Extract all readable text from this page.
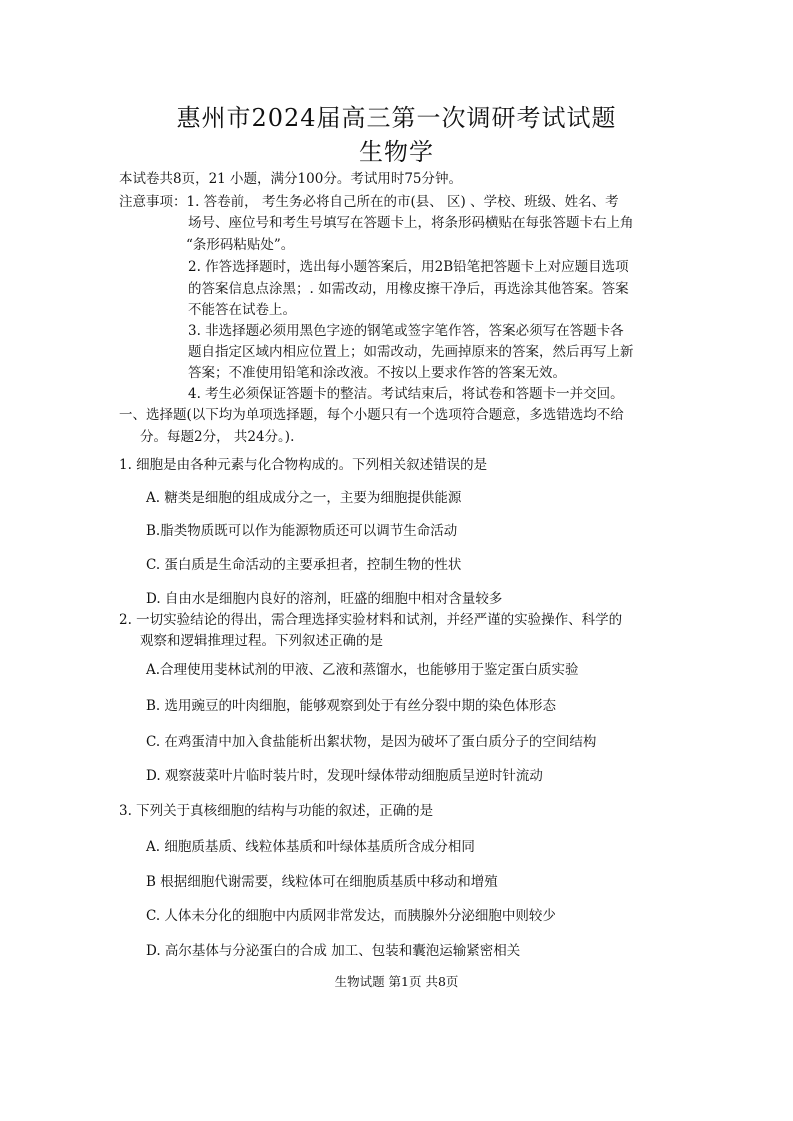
惠州市2024届高三第一次调研考试试题
生物学
本试卷共8页，21 小题，满分100分。考试用时75分钟。
注意事项：1. 答卷前， 考生务必将自己所在的市(县、 区) 、学校、班级、姓名、考
场号、座位号和考生号填写在答题卡上，将条形码横贴在每张答题卡右上角
“条形码粘贴处”。
2. 作答选择题时，选出每小题答案后，用2B铅笔把答题卡上对应题目选项
的答案信息点涂黑；. 如需改动，用橡皮擦干净后，再选涂其他答案。答案
不能答在试卷上。
3. 非选择题必须用黑色字迹的钢笔或签字笔作答，答案必须写在答题卡各
题自指定区域内相应位置上；如需改动，先画掉原来的答案，然后再写上新
答案；不准使用铅笔和涂改液。不按以上要求作答的答案无效。
4. 考生必须保证答题卡的整洁。考试结束后，将试卷和答题卡一并交回。
一、选择题(以下均为单项选择题，每个小题只有一个选项符合题意，多选错选均不给
分。每题2分， 共24分。).
1. 细胞是由各种元素与化合物构成的。下列相关叙述错误的是
A. 糖类是细胞的组成成分之一，主要为细胞提供能源
B.脂类物质既可以作为能源物质还可以调节生命活动
C. 蛋白质是生命活动的主要承担者，控制生物的性状
D. 自由水是细胞内良好的溶剂，旺盛的细胞中相对含量较多
2. 一切实验结论的得出，需合理选择实验材料和试剂，并经严谨的实验操作、科学的
观察和逻辑推理过程。下列叙述正确的是
A.合理使用斐林试剂的甲液、乙液和蒸馏水，也能够用于鉴定蛋白质实验
B. 选用豌豆的叶肉细胞，能够观察到处于有丝分裂中期的染色体形态
C. 在鸡蛋清中加入食盐能析出絮状物，是因为破坏了蛋白质分子的空间结构
D. 观察菠菜叶片临时装片时，发现叶绿体带动细胞质呈逆时针流动
3. 下列关于真核细胞的结构与功能的叙述，正确的是
A. 细胞质基质、线粒体基质和叶绿体基质所含成分相同
B 根据细胞代谢需要，线粒体可在细胞质基质中移动和增殖
C. 人体未分化的细胞中内质网非常发达，而胰腺外分泌细胞中则较少
D. 高尔基体与分泌蛋白的合成 加工、包装和囊泡运输紧密相关
生物试题 第1页 共8页
